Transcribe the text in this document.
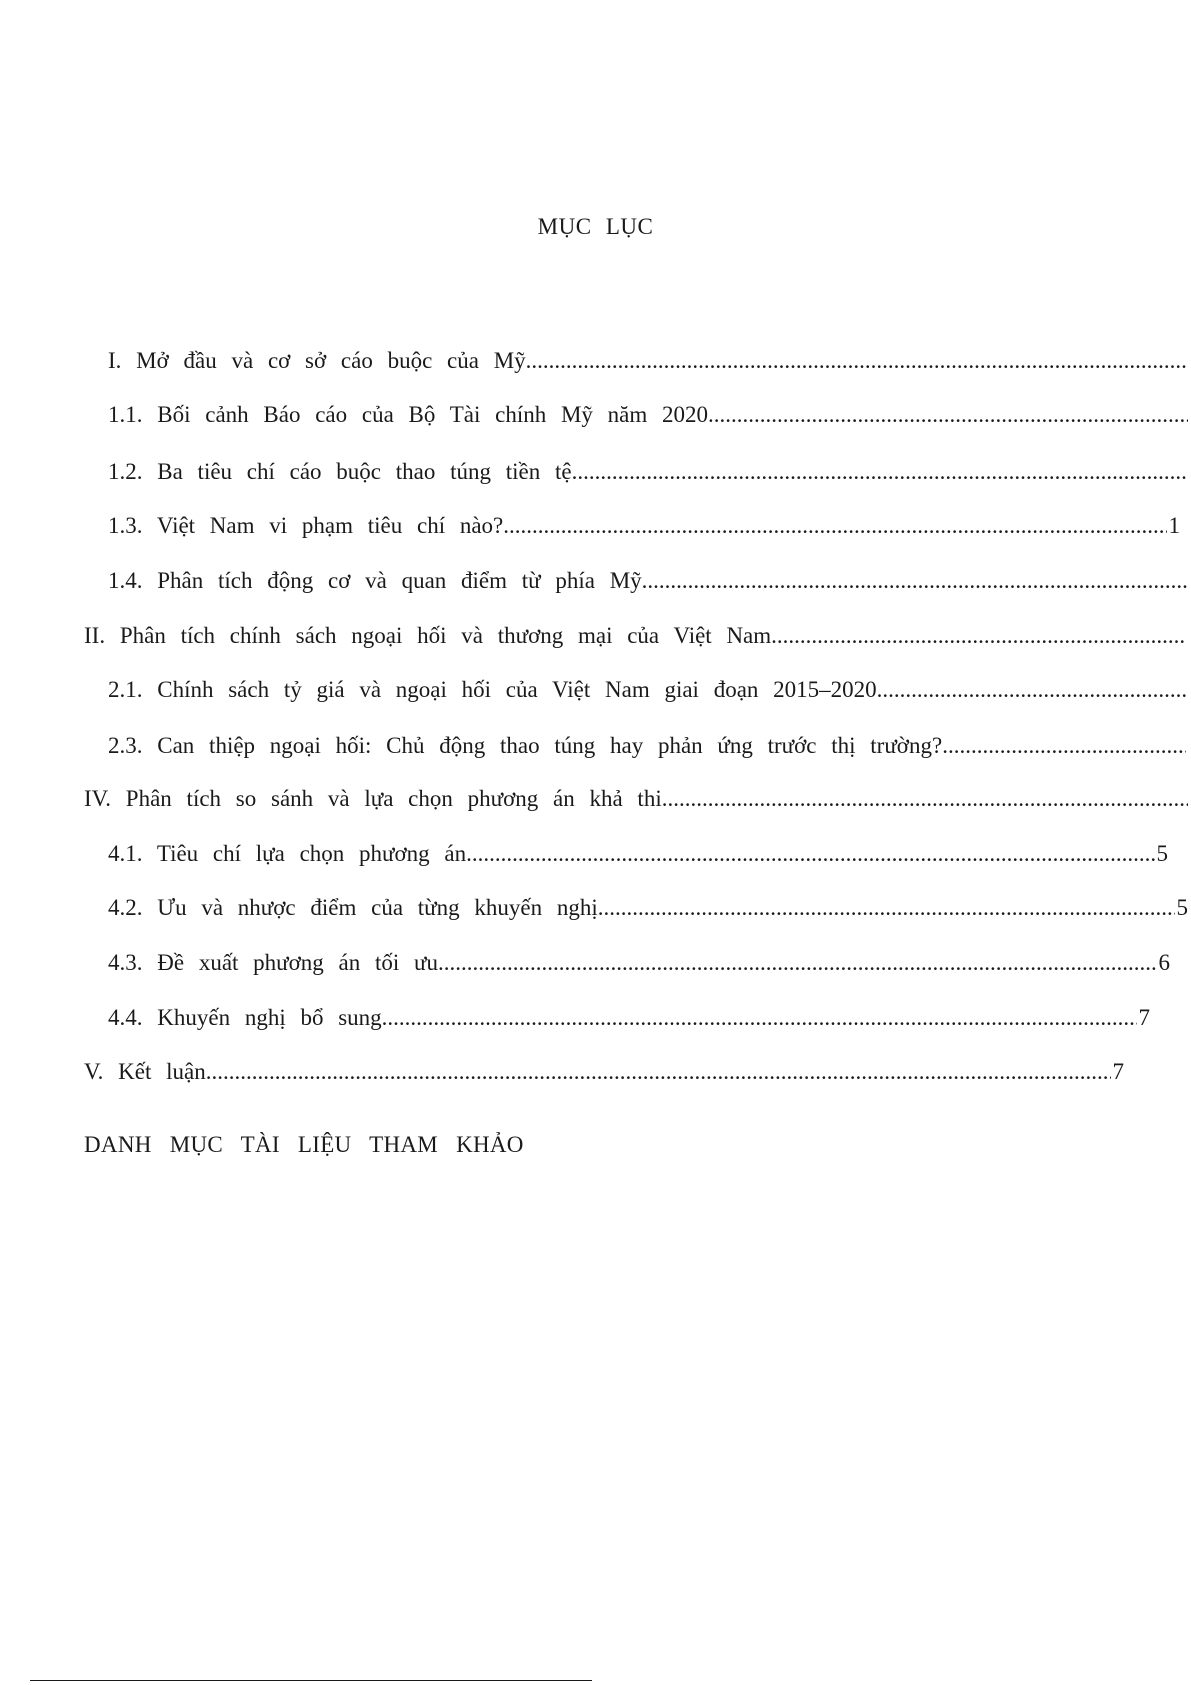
MỤC LỤC
I. Mở đầu và cơ sở cáo buộc của Mỹ
.....
1.1. Bối cảnh Báo cáo của Bộ Tài chính Mỹ năm 2020
.....
1.2. Ba tiêu chí cáo buộc thao túng tiền tệ
.....
1.3. Việt Nam vi phạm tiêu chí nào? .....	1
1.4. Phân tích động cơ và quan điểm từ phía Mỹ
.....
II. Phân tích chính sách ngoại hối và thương mại của Việt Nam
.....
2.1. Chính sách tỷ giá và ngoại hối của Việt Nam giai đoạn 2015–2020
.....
2.3. Can thiệp ngoại hối: Chủ động thao túng hay phản ứng trước thị trường?
.....
IV. Phân tích so sánh và lựa chọn phương án khả thi
.....
4.1. Tiêu chí lựa chọn phương án .....	5
4.2. Ưu và nhược điểm của từng khuyến nghị .....	5
4.3. Đề xuất phương án tối ưu .....	6
4.4. Khuyến nghị bổ sung .....	7
V. Kết luận .....	7
DANH MỤC TÀI LIỆU THAM KHẢO
